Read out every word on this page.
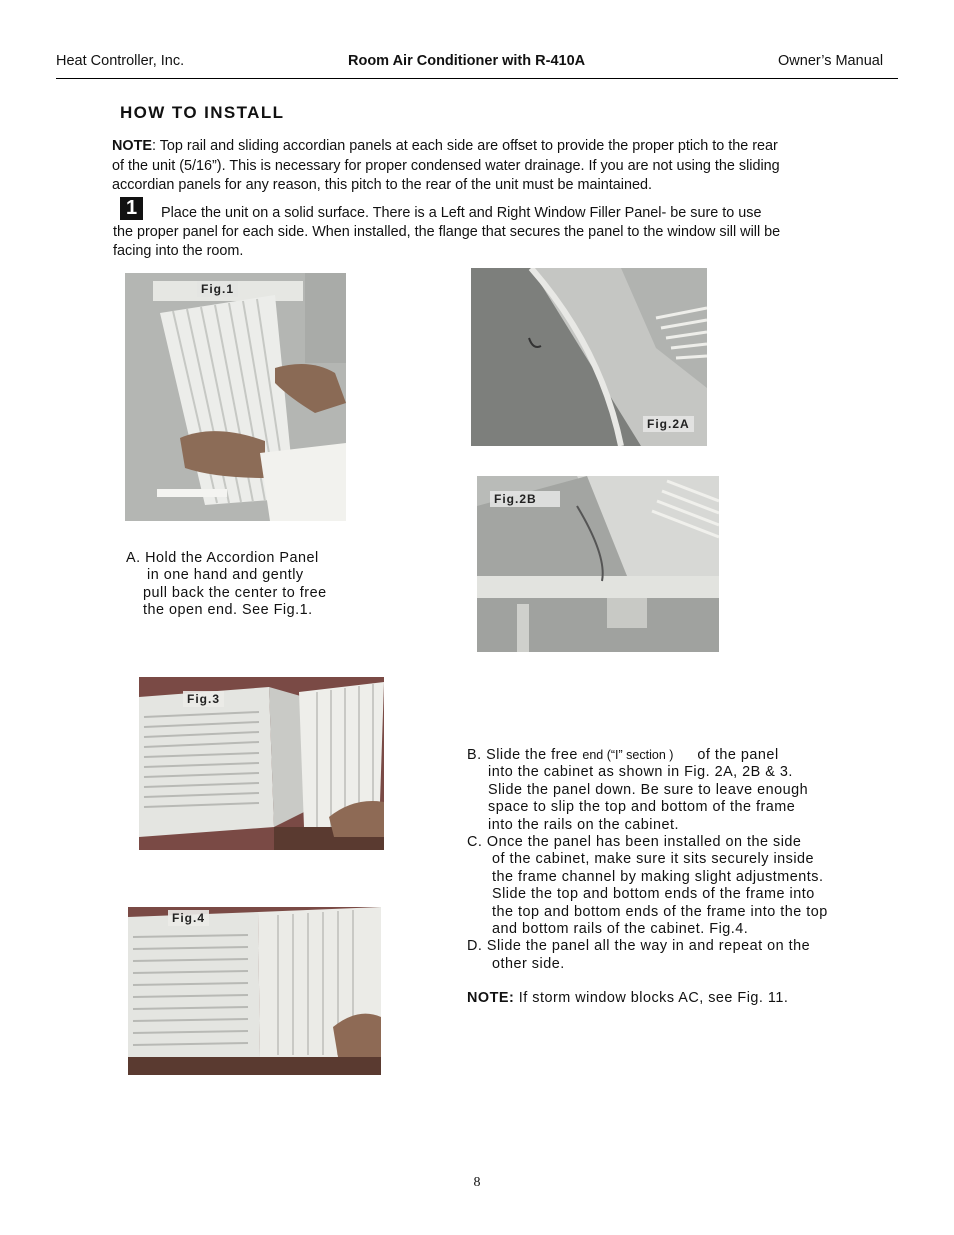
Heat Controller, Inc.	Room Air Conditioner with R-410A	Owner’s Manual
HOW TO INSTALL
NOTE: Top rail and sliding accordian panels at each side are offset to provide the proper ptich to the rear
of the unit (5/16”). This is necessary for proper condensed water drainage. If you are not using the sliding
accordian panels for any reason, this pitch to the rear of the unit must be maintained.
1	Place the unit on a solid surface. There is a Left and Right Window Filler Panel- be sure to use
the proper panel for each side. When installed, the flange that secures the panel to the window sill will be
facing into the room.
Fig.1
A. Hold the Accordion Panel
in one hand and gently
pull back the center to free
the open end. See Fig.1.
Fig.2A
Fig.2B
Fig.3
Fig.4
B. Slide the free end (“I” section ) of the panel
into the cabinet as shown in Fig. 2A, 2B & 3.
Slide the panel down. Be sure to leave enough
space to slip the top and bottom of the frame
into the rails on the cabinet.
C. Once the panel has been installed on the side
of the cabinet, make sure it sits securely inside
the frame channel by making slight adjustments.
Slide the top and bottom ends of the frame into
the top and bottom ends of the frame into the top
and bottom rails of the cabinet. Fig.4.
D. Slide the panel all the way in and repeat on the
other side.
NOTE: If storm window blocks AC, see Fig. 11.
8
